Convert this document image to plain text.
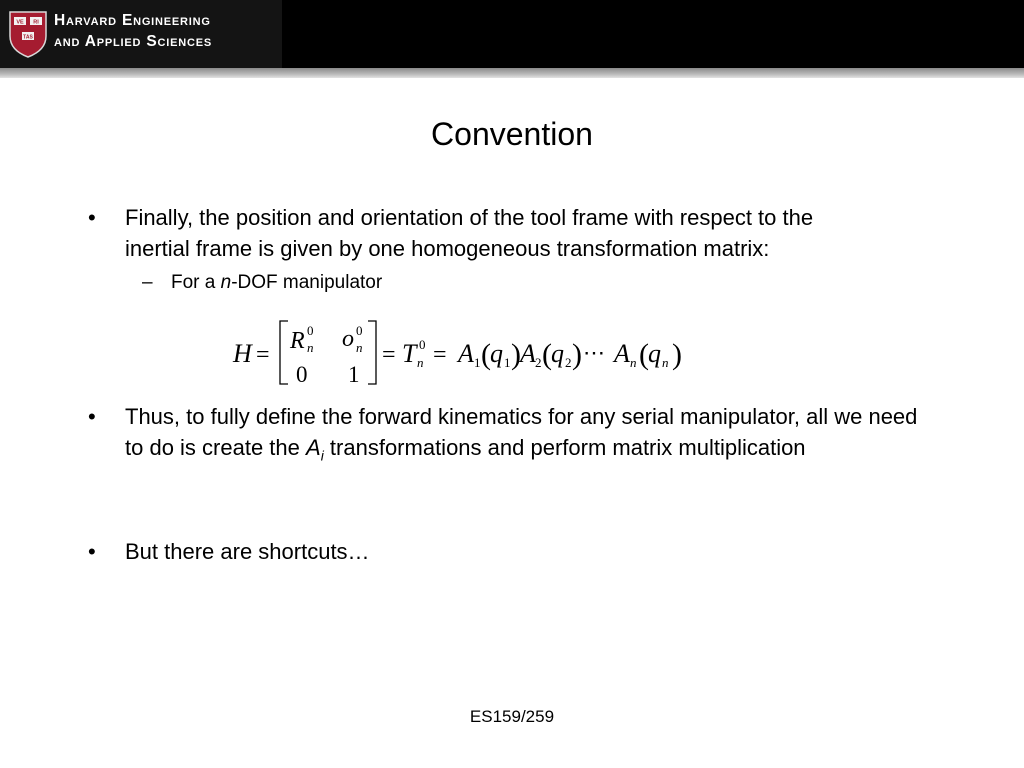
VE RI
TAS
Harvard Engineering
and Applied Sciences
Convention
• Finally, the position and orientation of the tool frame with respect to the
inertial frame is given by one homogeneous transformation matrix:
– For a n-DOF manipulator
H =
R 0
n o 0
n
0 1
= T 0
n = A 1 ( q 1 ) A 2 ( q 2 ) ⋯ A n ( q n )
• Thus, to fully define the forward kinematics for any serial manipulator, all we need to do is create the $A_i$ transformations and perform matrix multiplication
• But there are shortcuts…
ES159/259
